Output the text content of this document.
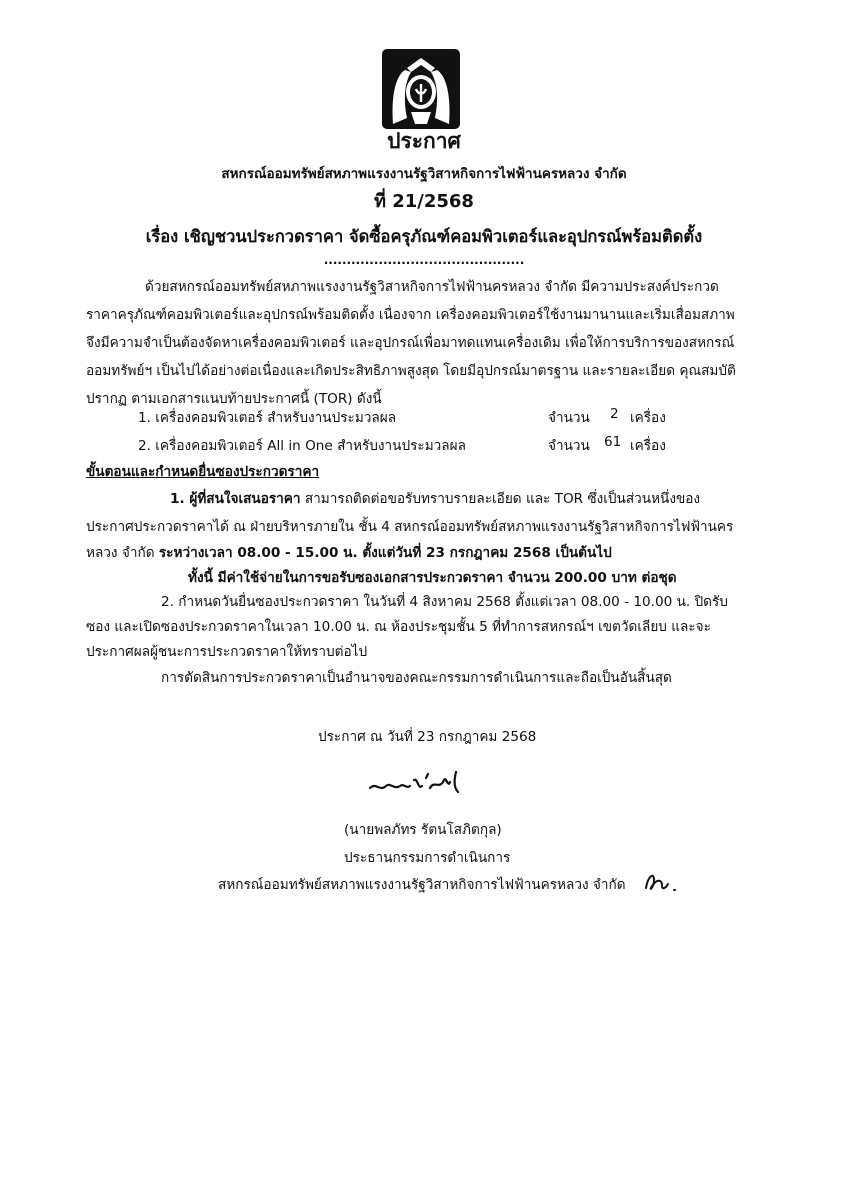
ประกาศ
สหกรณ์ออมทรัพย์สหภาพแรงงานรัฐวิสาหกิจการไฟฟ้านครหลวง จำกัด
ที่ 21/2568
เรื่อง เชิญชวนประกวดราคา จัดซื้อครุภัณฑ์คอมพิวเตอร์และอุปกรณ์พร้อมติดตั้ง
............................................
ด้วยสหกรณ์ออมทรัพย์สหภาพแรงงานรัฐวิสาหกิจการไฟฟ้านครหลวง จำกัด มีความประสงค์ประกวด
ราคาครุภัณฑ์คอมพิวเตอร์และอุปกรณ์พร้อมติดตั้ง เนื่องจาก เครื่องคอมพิวเตอร์ใช้งานมานานและเริ่มเสื่อมสภาพ
จึงมีความจำเป็นต้องจัดหาเครื่องคอมพิวเตอร์ และอุปกรณ์เพื่อมาทดแทนเครื่องเดิม เพื่อให้การบริการของสหกรณ์
ออมทรัพย์ฯ เป็นไปได้อย่างต่อเนื่องและเกิดประสิทธิภาพสูงสุด โดยมีอุปกรณ์มาตรฐาน และรายละเอียด คุณสมบัติ
ปรากฏ ตามเอกสารแนบท้ายประกาศนี้ (TOR) ดังนี้
1. เครื่องคอมพิวเตอร์ สำหรับงานประมวลผล	จำนวน 2 เครื่อง
2. เครื่องคอมพิวเตอร์ All in One สำหรับงานประมวลผล	จำนวน 61 เครื่อง
ขั้นตอนและกำหนดยื่นซองประกวดราคา
1. ผู้ที่สนใจเสนอราคา สามารถติดต่อขอรับทราบรายละเอียด และ TOR ซึ่งเป็นส่วนหนึ่งของ
ประกาศประกวดราคาได้ ณ ฝ่ายบริหารภายใน ชั้น 4 สหกรณ์ออมทรัพย์สหภาพแรงงานรัฐวิสาหกิจการไฟฟ้านคร
หลวง จำกัด ระหว่างเวลา 08.00 - 15.00 น. ตั้งแต่วันที่ 23 กรกฎาคม 2568 เป็นต้นไป
ทั้งนี้ มีค่าใช้จ่ายในการขอรับซองเอกสารประกวดราคา จำนวน 200.00 บาท ต่อชุด
2. กำหนดวันยื่นซองประกวดราคา ในวันที่ 4 สิงหาคม 2568 ตั้งแต่เวลา 08.00 - 10.00 น. ปิดรับ
ซอง และเปิดซองประกวดราคาในเวลา 10.00 น. ณ ห้องประชุมชั้น 5 ที่ทำการสหกรณ์ฯ เขตวัดเลียบ และจะ
ประกาศผลผู้ชนะการประกวดราคาให้ทราบต่อไป
การตัดสินการประกวดราคาเป็นอำนาจของคณะกรรมการดำเนินการและถือเป็นอันสิ้นสุด
ประกาศ ณ วันที่ 23 กรกฎาคม 2568
(นายพลภัทร รัตนโสภิตกุล)
ประธานกรรมการดำเนินการ
สหกรณ์ออมทรัพย์สหภาพแรงงานรัฐวิสาหกิจการไฟฟ้านครหลวง จำกัด
